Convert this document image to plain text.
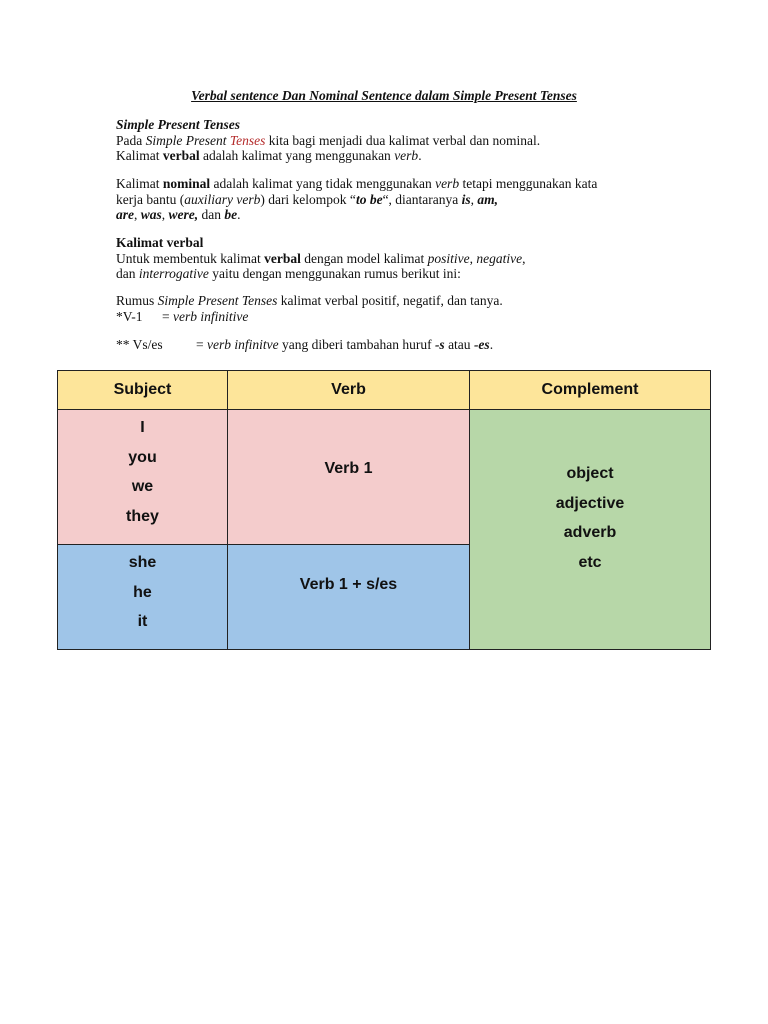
Verbal sentence Dan Nominal Sentence dalam Simple Present Tenses
Simple Present Tenses
Pada Simple Present Tenses kita bagi menjadi dua kalimat verbal dan nominal.
Kalimat verbal adalah kalimat yang menggunakan verb.
Kalimat nominal adalah kalimat yang tidak menggunakan verb tetapi menggunakan kata
kerja bantu (auxiliary verb) dari kelompok “to be“, diantaranya is, am,
are, was, were, dan be.
Kalimat verbal
Untuk membentuk kalimat verbal dengan model kalimat positive, negative,
dan interrogative yaitu dengan menggunakan rumus berikut ini:
Rumus Simple Present Tenses kalimat verbal positif, negatif, dan tanya.
*V-1 = verb infinitive
** Vs/es = verb infinitve yang diberi tambahan huruf -s atau -es.
Subject	Verb	Complement
I
you
we
they
Verb 1
she
he
it
Verb 1 + s/es
object
adjective
adverb
etc
